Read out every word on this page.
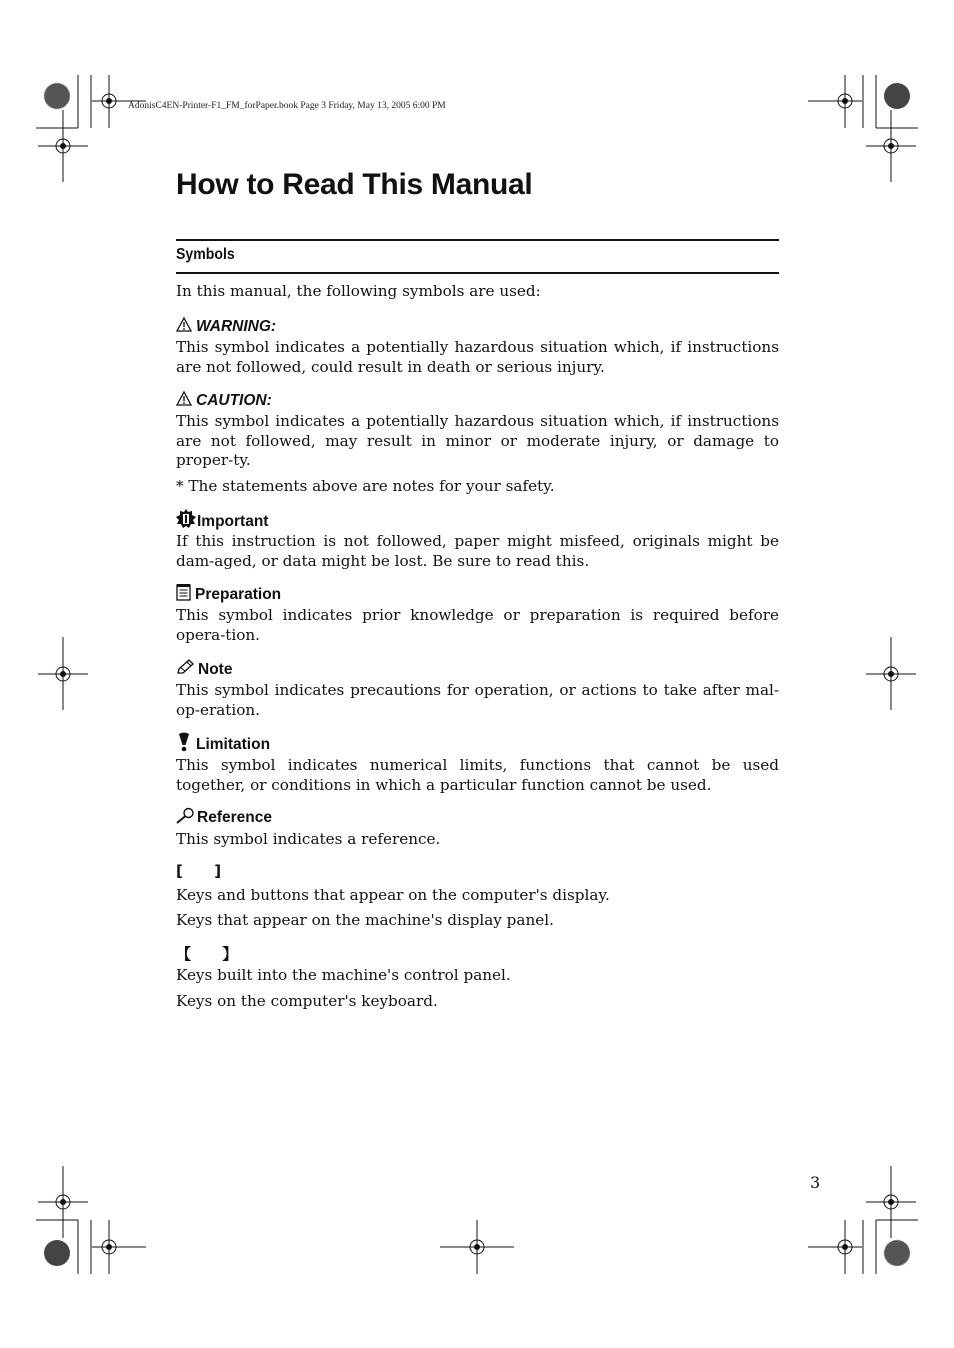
AdonisC4EN-Printer-F1_FM_forPaper.book Page 3 Friday, May 13, 2005 6:00 PM
How to Read This Manual
Symbols
In this manual, the following symbols are used:
WARNING:
This symbol indicates a potentially hazardous situation which, if instructions are not followed, could result in death or serious injury.
CAUTION:
This symbol indicates a potentially hazardous situation which, if instructions are not followed, may result in minor or moderate injury, or damage to proper-ty.
* The statements above are notes for your safety.
Important
If this instruction is not followed, paper might misfeed, originals might be dam-aged, or data might be lost. Be sure to read this.
Preparation
This symbol indicates prior knowledge or preparation is required before opera-tion.
Note
This symbol indicates precautions for operation, or actions to take after mal-op-eration.
Limitation
This symbol indicates numerical limits, functions that cannot be used together, or conditions in which a particular function cannot be used.
Reference
This symbol indicates a reference.
[      ]
Keys and buttons that appear on the computer's display.
Keys that appear on the machine's display panel.
【      】
Keys built into the machine's control panel.
Keys on the computer's keyboard.
3
